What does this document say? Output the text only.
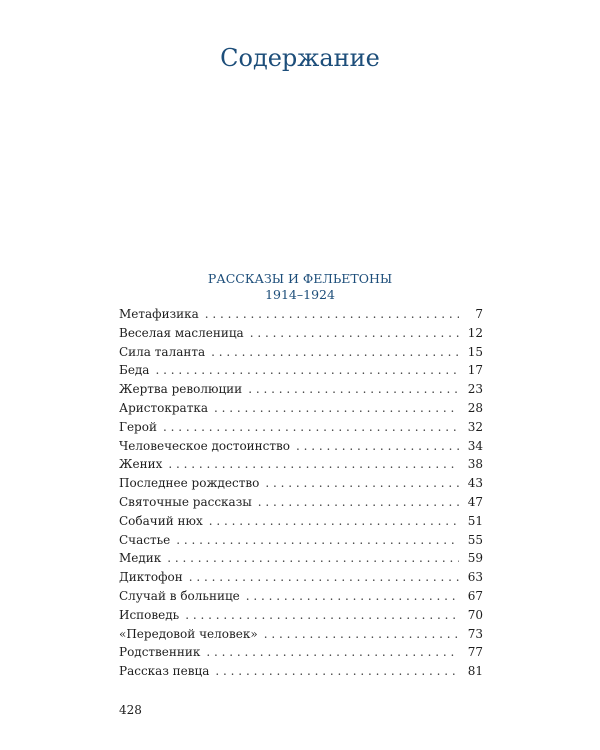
Содержание
РАССКАЗЫ И ФЕЛЬЕТОНЫ
1914–1924
Метафизика . . .	7
Веселая масленица . . .	12
Сила таланта . . .	15
Беда . . .	17
Жертва революции . . .	23
Аристократка . . .	28
Герой . . .	32
Человеческое достоинство . . .	34
Жених . . .	38
Последнее рождество . . .	43
Святочные рассказы . . .	47
Собачий нюх . . .	51
Счастье . . .	55
Медик . . .	59
Диктофон . . .	63
Случай в больнице . . .	67
Исповедь . . .	70
«Передовой человек» . . .	73
Родственник . . .	77
Рассказ певца . . .	81
428
